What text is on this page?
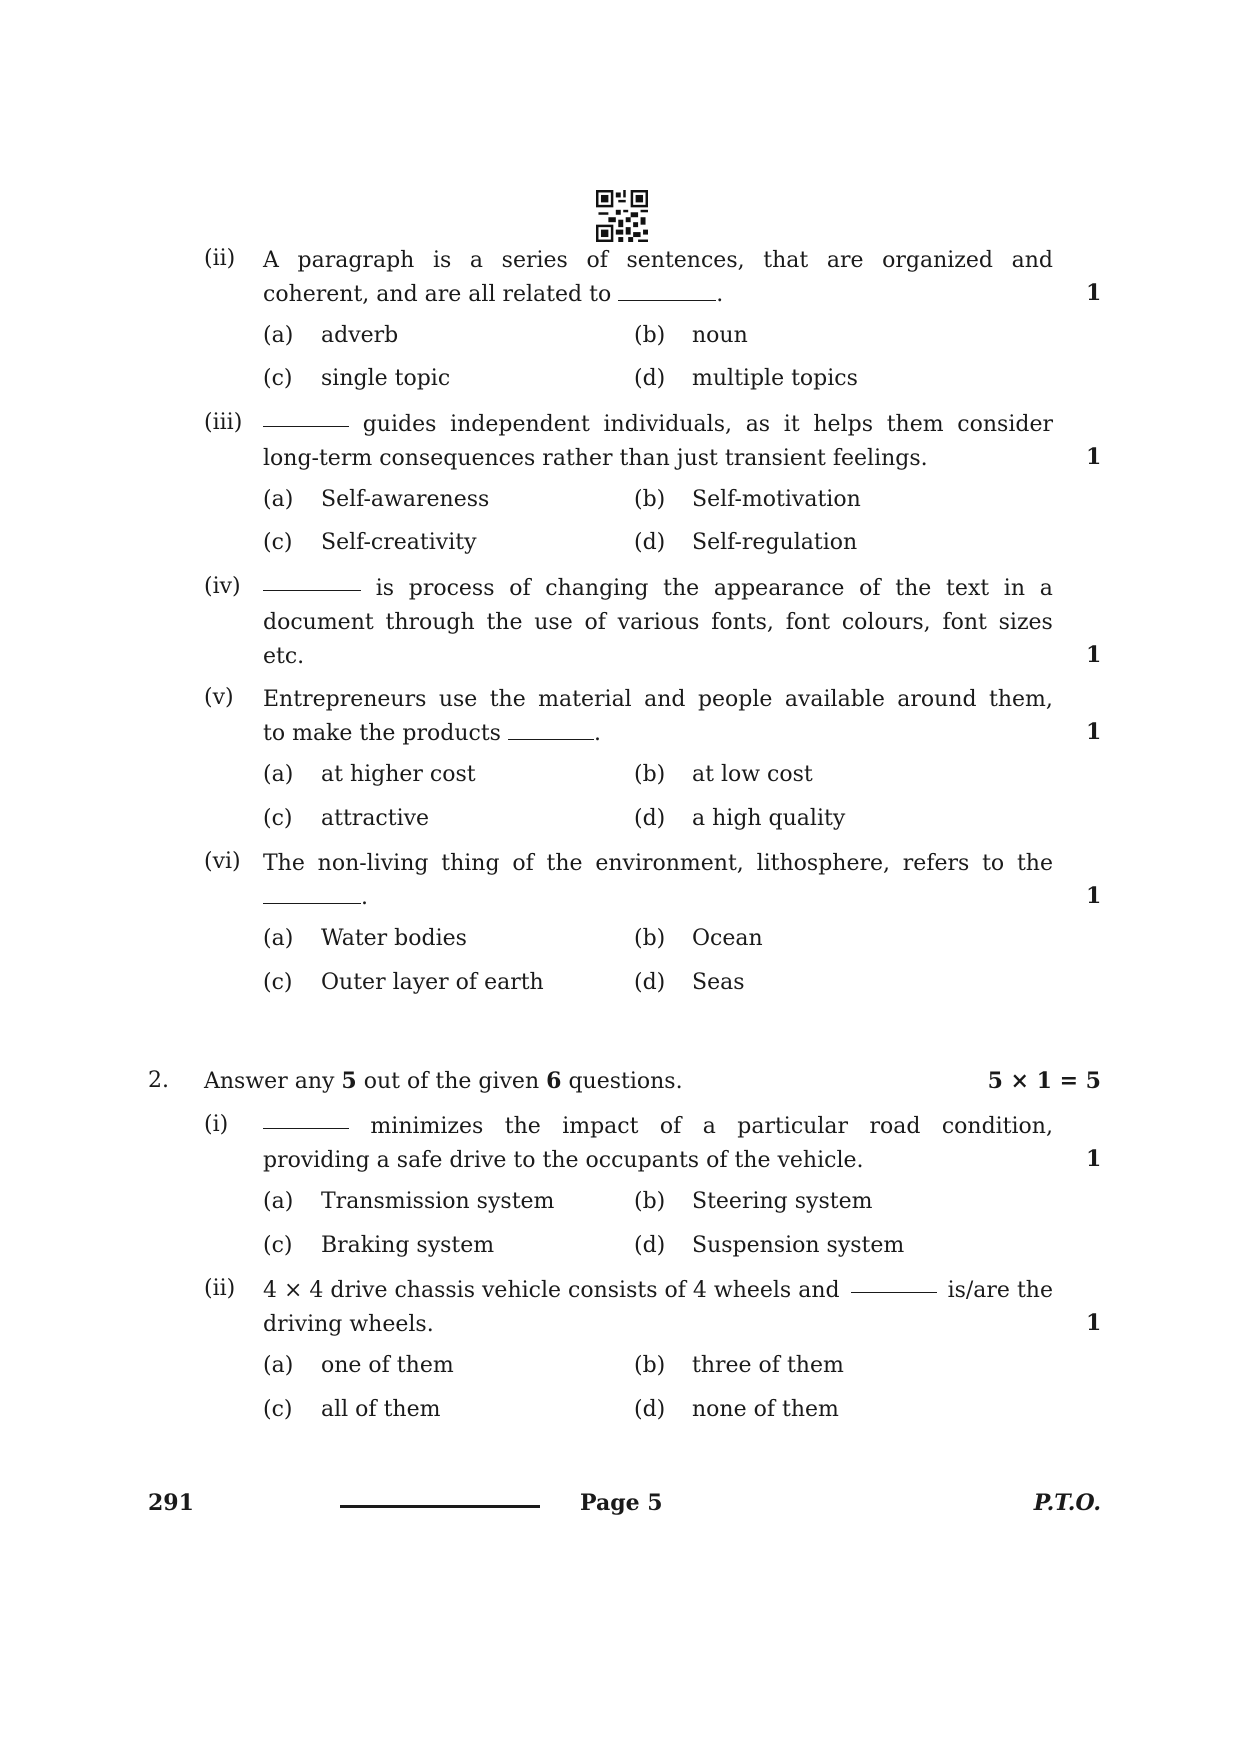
(ii) A paragraph is a series of sentences, that are organized and
coherent, and are all related to	.	1
(a) adverb	(b) noun
(c) single topic	(d) multiple topics
(iii)	guides independent individuals, as it helps them consider
long-term consequences rather than just transient feelings.	1
(a) Self-awareness	(b) Self-motivation
(c) Self-creativity	(d) Self-regulation
(iv)	is process of changing the appearance of the text in a
document through the use of various fonts, font colours, font sizes
etc.	1
(v) Entrepreneurs use the material and people available around them,
to make the products	.	1
(a) at higher cost	(b) at low cost
(c) attractive	(d) a high quality
(vi) The non-living thing of the environment, lithosphere, refers to the
.	1
(a) Water bodies	(b) Ocean
(c) Outer layer of earth	(d) Seas
2. Answer any 5 out of the given 6 questions.	5 × 1 = 5
(i)	minimizes the impact of a particular road condition,
providing a safe drive to the occupants of the vehicle.	1
(a) Transmission system	(b) Steering system
(c) Braking system	(d) Suspension system
(ii) 4 × 4 drive chassis vehicle consists of 4 wheels and	is/are the
driving wheels.	1
(a) one of them	(b) three of them
(c) all of them	(d) none of them
291	Page 5	P.T.O.
